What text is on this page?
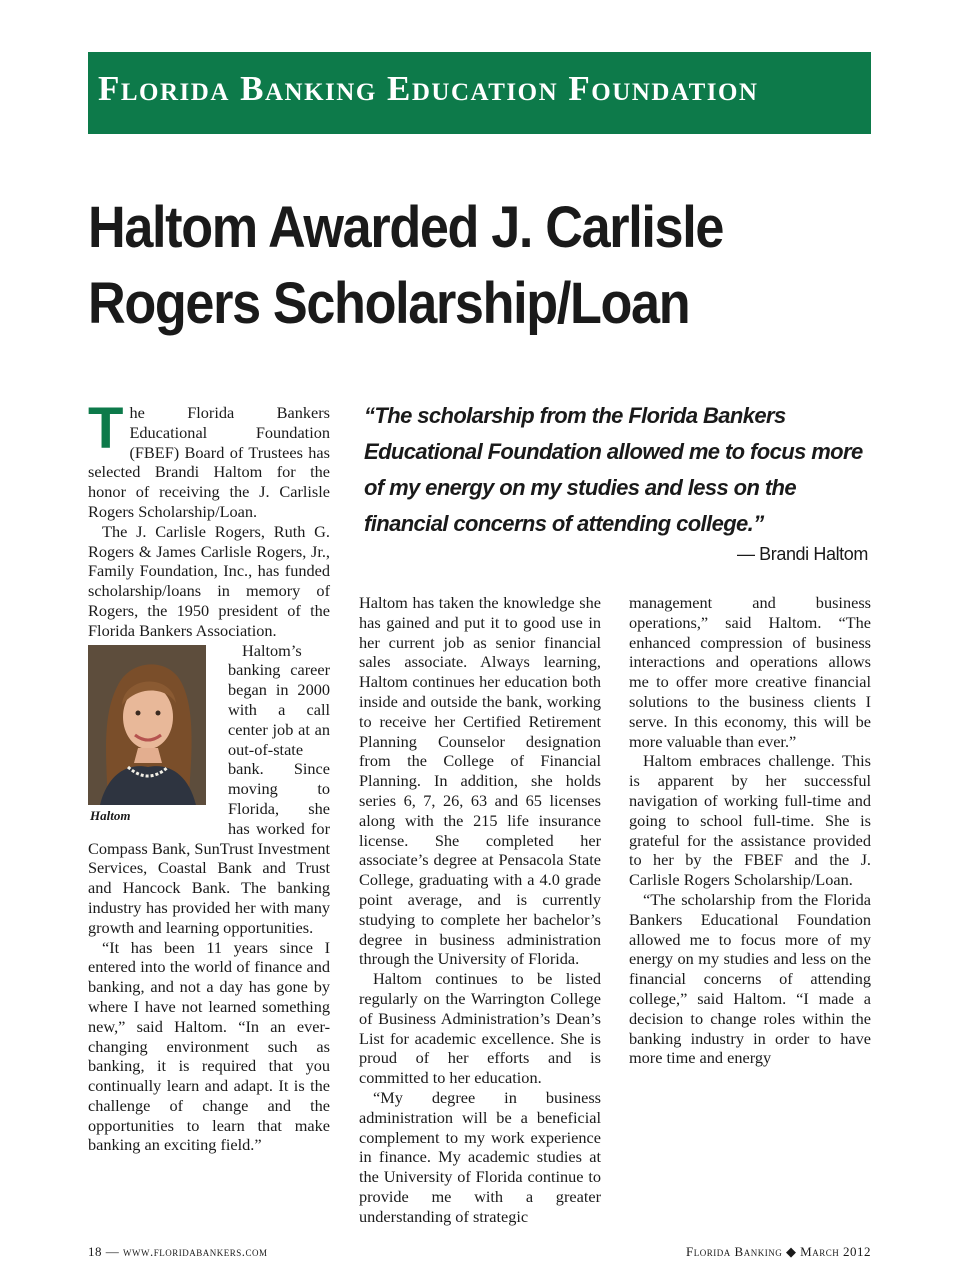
Florida Banking Education Foundation
Haltom Awarded J. Carlisle
Rogers Scholarship/Loan

The Florida Bankers Educational Foundation (FBEF) Board of Trustees has selected Brandi Haltom for the honor of receiving the J. Carlisle Rogers Scholarship/Loan.

The J. Carlisle Rogers, Ruth G. Rogers & James Carlisle Rogers, Jr., Family Foundation, Inc., has funded scholarship/loans in memory of Rogers, the 1950 president of the Florida Bankers Association.

Haltom
Haltom’s banking career began in 2000 with a call center job at an out-of-state bank. Since moving to Florida, she has worked for Compass Bank, SunTrust Investment Services, Coastal Bank and Trust and Hancock Bank. The banking industry has provided her with many growth and learning opportunities.

“It has been 11 years since I entered into the world of finance and banking, and not a day has gone by where I have not learned something new,” said Haltom. “In an ever-changing environment such as banking, it is required that you continually learn and adapt. It is the challenge of change and the opportunities to learn that make banking an exciting field.”

“The scholarship from the Florida Bankers Educational Foundation allowed me to focus more of my energy on my studies and less on the financial concerns of attending college.”

— Brandi Haltom

Haltom has taken the knowledge she has gained and put it to good use in her current job as senior financial sales associate. Always learning, Haltom continues her education both inside and outside the bank, working to receive her Certified Retirement Planning Counselor designation from the College of Financial Planning. In addition, she holds series 6, 7, 26, 63 and 65 licenses along with the 215 life insurance license. She completed her associate’s degree at Pensacola State College, graduating with a 4.0 grade point average, and is currently studying to complete her bachelor’s degree in business administration through the University of Florida.

Haltom continues to be listed regularly on the Warrington College of Business Administration’s Dean’s List for academic excellence. She is proud of her efforts and is committed to her education.

“My degree in business administration will be a beneficial complement to my work experience in finance. My academic studies at the University of Florida continue to provide me with a greater understanding of strategic

management and business operations,” said Haltom. “The enhanced compression of business interactions and operations allows me to offer more creative financial solutions to the business clients I serve. In this economy, this will be more valuable than ever.”

Haltom embraces challenge. This is apparent by her successful navigation of working full-time and going to school full-time. She is grateful for the assistance provided to her by the FBEF and the J. Carlisle Rogers Scholarship/Loan.

“The scholarship from the Florida Bankers Educational Foundation allowed me to focus more of my energy on my studies and less on the financial concerns of attending college,” said Haltom. “I made a decision to change roles within the banking industry in order to have more time and energy

18 — www.floridabankers.com	Florida Banking ◆ March 2012
